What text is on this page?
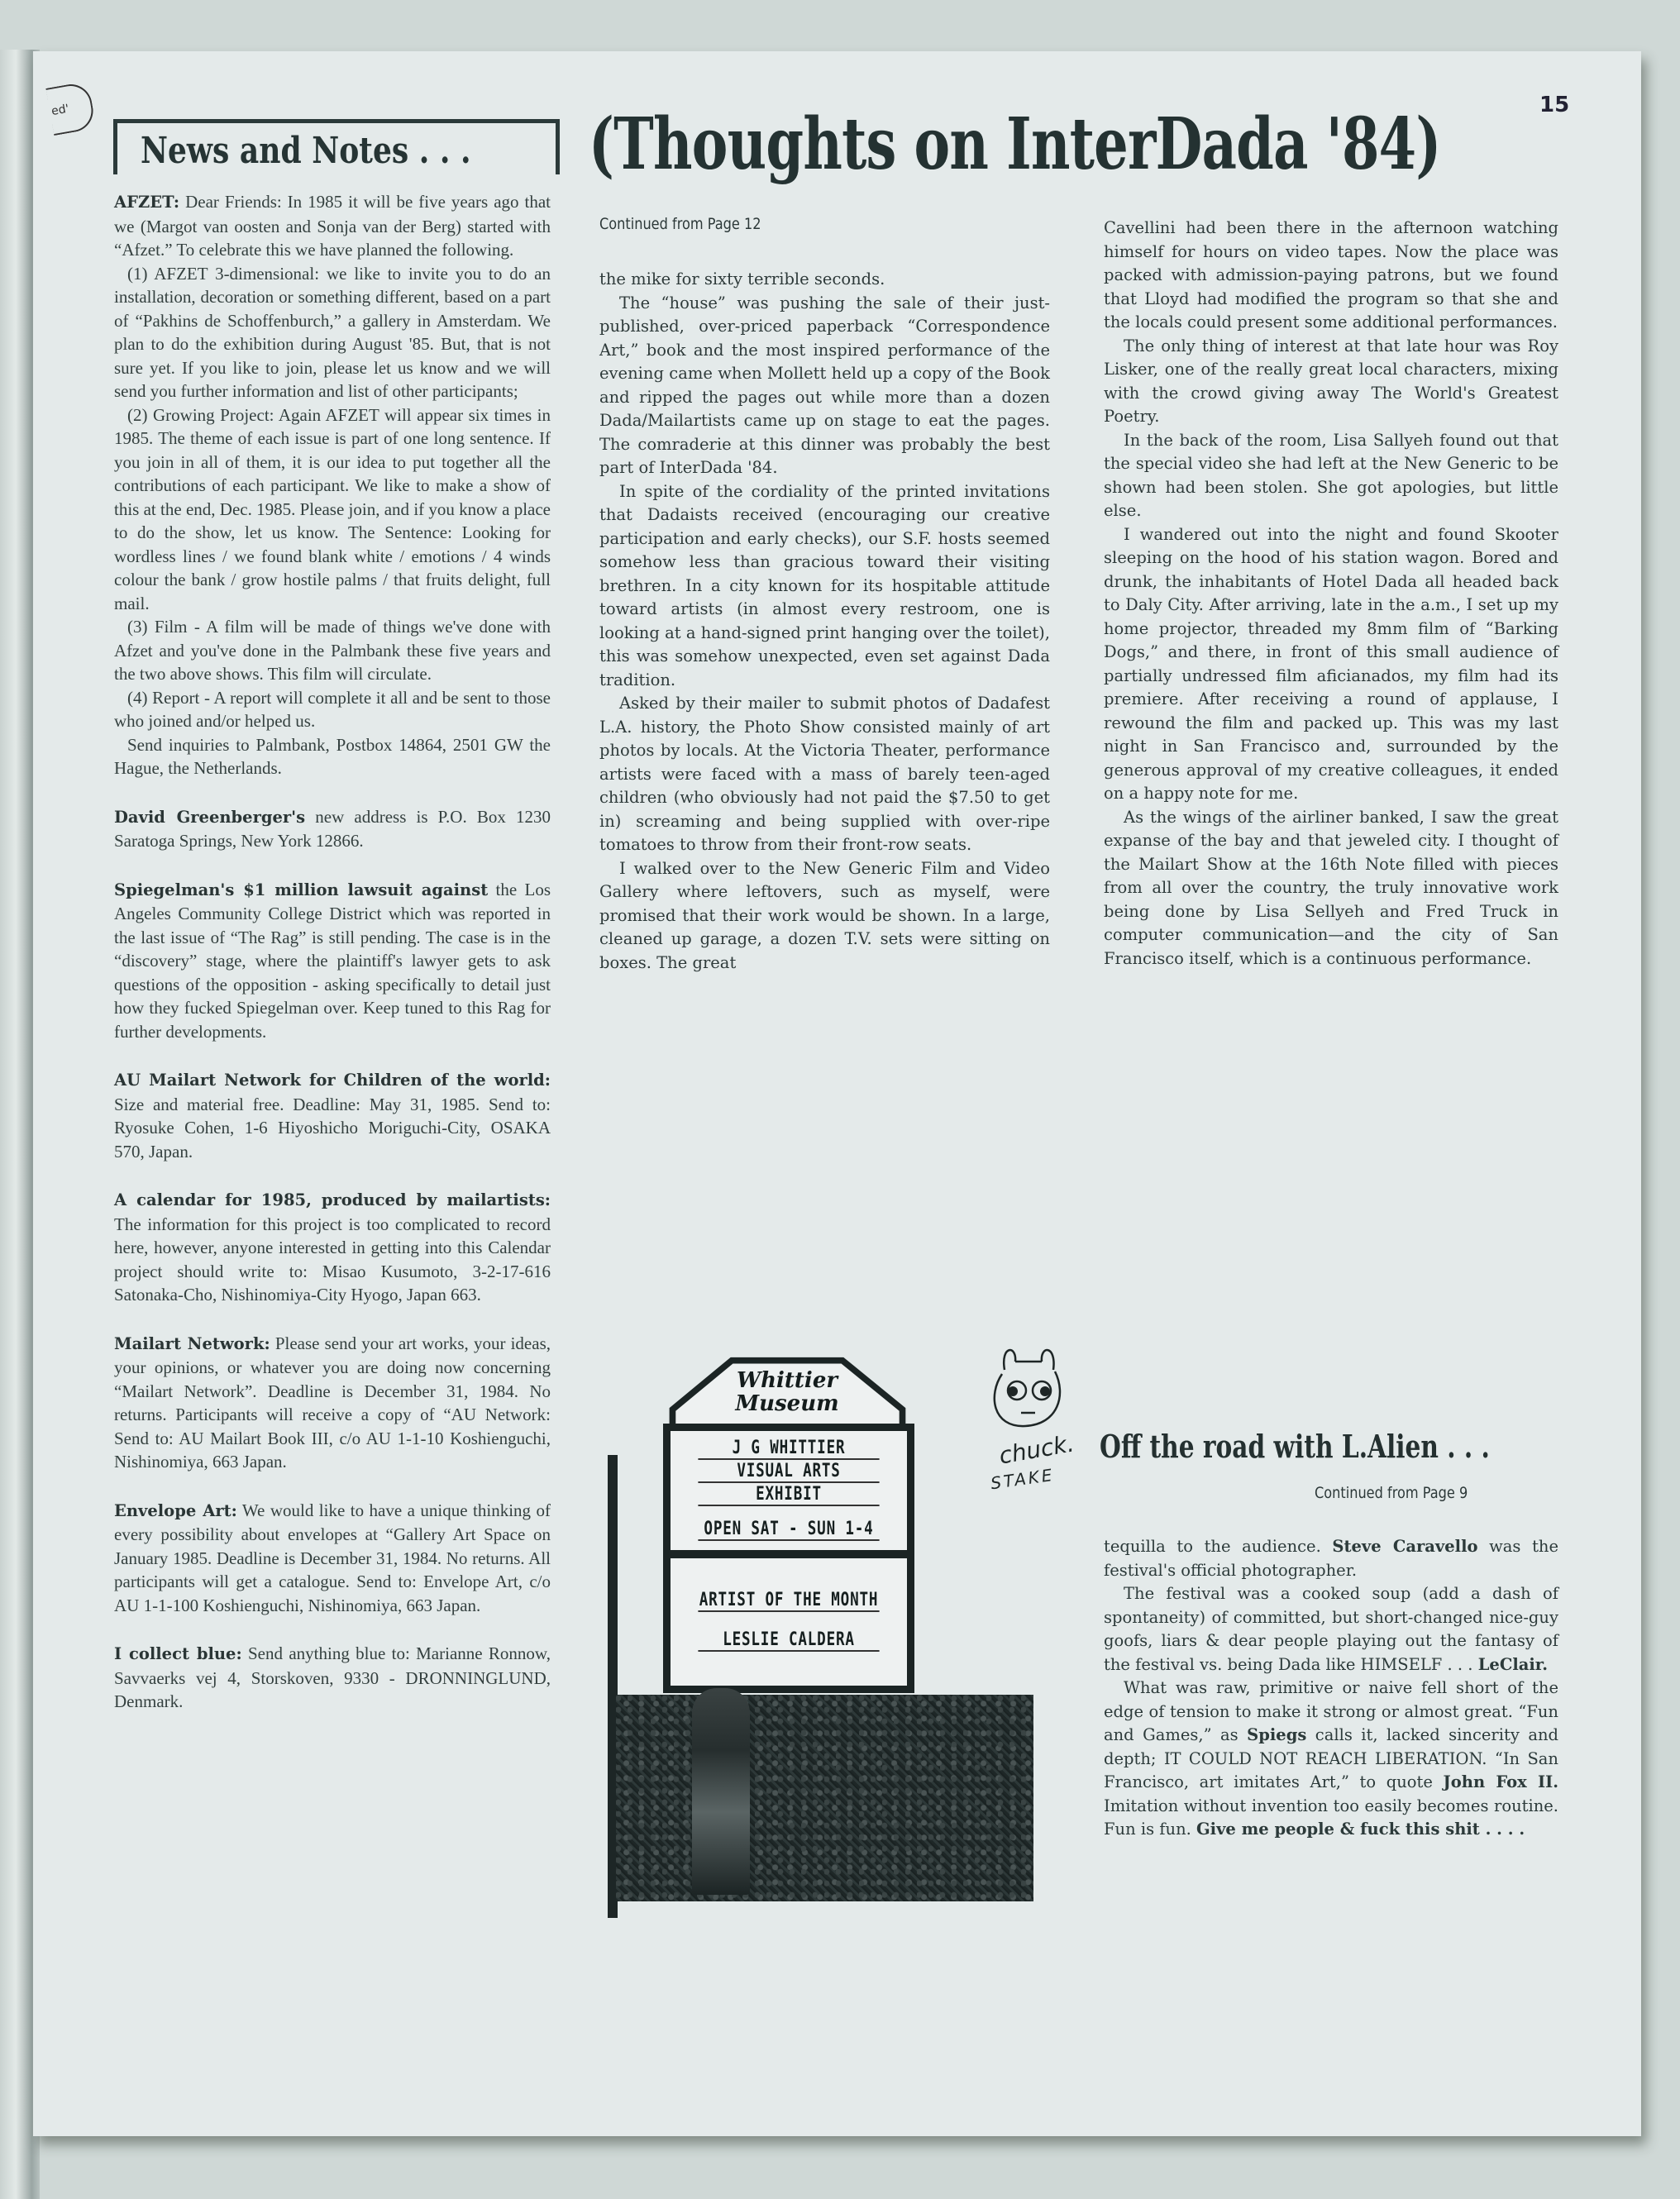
ed'	15
News and Notes . . .

AFZET: Dear Friends: In 1985 it will be five years ago that we (Margot van oosten and Sonja van der Berg) started with “Afzet.” To celebrate this we have planned the following.

(1) AFZET 3-dimensional: we like to invite you to do an installation, decoration or something different, based on a part of “Pakhins de Schoffenburch,” a gallery in Amsterdam. We plan to do the exhibition during August '85. But, that is not sure yet. If you like to join, please let us know and we will send you further information and list of other participants;

(2) Growing Project: Again AFZET will appear six times in 1985. The theme of each issue is part of one long sentence. If you join in all of them, it is our idea to put together all the contributions of each participant. We like to make a show of this at the end, Dec. 1985. Please join, and if you know a place to do the show, let us know. The Sentence: Looking for wordless lines / we found blank white / emotions / 4 winds colour the bank / grow hostile palms / that fruits delight, full mail.

(3) Film - A film will be made of things we've done with Afzet and you've done in the Palmbank these five years and the two above shows. This film will circulate.

(4) Report - A report will complete it all and be sent to those who joined and/or helped us.

Send inquiries to Palmbank, Postbox 14864, 2501 GW the Hague, the Netherlands.

David Greenberger's new address is P.O. Box 1230 Saratoga Springs, New York 12866.

Spiegelman's $1 million lawsuit against the Los Angeles Community College District which was reported in the last issue of “The Rag” is still pending. The case is in the “discovery” stage, where the plaintiff's lawyer gets to ask questions of the opposition - asking specifically to detail just how they fucked Spiegelman over. Keep tuned to this Rag for further developments.

AU Mailart Network for Children of the world: Size and material free. Deadline: May 31, 1985. Send to: Ryosuke Cohen, 1-6 Hiyoshicho Moriguchi-City, OSAKA 570, Japan.

A calendar for 1985, produced by mailartists: The information for this project is too complicated to record here, however, anyone interested in getting into this Calendar project should write to: Misao Kusumoto, 3-2-17-616 Satonaka-Cho, Nishinomiya-City Hyogo, Japan 663.

Mailart Network: Please send your art works, your ideas, your opinions, or whatever you are doing now concerning “Mailart Network”. Deadline is December 31, 1984. No returns. Participants will receive a copy of “AU Network: Send to: AU Mailart Book III, c/o AU 1-1-10 Koshienguchi, Nishinomiya, 663 Japan.

Envelope Art: We would like to have a unique thinking of every possibility about envelopes at “Gallery Art Space on January 1985. Deadline is December 31, 1984. No returns. All participants will get a catalogue. Send to: Envelope Art, c/o AU 1-1-100 Koshienguchi, Nishinomiya, 663 Japan.

I collect blue: Send anything blue to: Marianne Ronnow, Savvaerks vej 4, Storskoven, 9330 - DRONNINGLUND, Denmark.

(Thoughts on InterDada '84)
Continued from Page 12

the mike for sixty terrible seconds.

The “house” was pushing the sale of their just-published, over-priced paperback “Correspondence Art,” book and the most inspired performance of the evening came when Mollett held up a copy of the Book and ripped the pages out while more than a dozen Dada/Mailartists came up on stage to eat the pages. The comraderie at this dinner was probably the best part of InterDada '84.

In spite of the cordiality of the printed invitations that Dadaists received (encouraging our creative participation and early checks), our S.F. hosts seemed somehow less than gracious toward their visiting brethren. In a city known for its hospitable attitude toward artists (in almost every restroom, one is looking at a hand-signed print hanging over the toilet), this was somehow unexpected, even set against Dada tradition.

Asked by their mailer to submit photos of Dadafest L.A. history, the Photo Show consisted mainly of art photos by locals. At the Victoria Theater, performance artists were faced with a mass of barely teen-aged children (who obviously had not paid the $7.50 to get in) screaming and being supplied with over-ripe tomatoes to throw from their front-row seats.

I walked over to the New Generic Film and Video Gallery where leftovers, such as myself, were promised that their work would be shown. In a large, cleaned up garage, a dozen T.V. sets were sitting on boxes. The great

Cavellini had been there in the afternoon watching himself for hours on video tapes. Now the place was packed with admission-paying patrons, but we found that Lloyd had modified the program so that she and the locals could present some additional performances.

The only thing of interest at that late hour was Roy Lisker, one of the really great local characters, mixing with the crowd giving away The World's Greatest Poetry.

In the back of the room, Lisa Sallyeh found out that the special video she had left at the New Generic to be shown had been stolen. She got apologies, but little else.

I wandered out into the night and found Skooter sleeping on the hood of his station wagon. Bored and drunk, the inhabitants of Hotel Dada all headed back to Daly City. After arriving, late in the a.m., I set up my home projector, threaded my 8mm film of “Barking Dogs,” and there, in front of this small audience of partially undressed film aficianados, my film had its premiere. After receiving a round of applause, I rewound the film and packed up. This was my last night in San Francisco and, surrounded by the generous approval of my creative colleagues, it ended on a happy note for me.

As the wings of the airliner banked, I saw the great expanse of the bay and that jeweled city. I thought of the Mailart Show at the 16th Note filled with pieces from all over the country, the truly innovative work being done by Lisa Sellyeh and Fred Truck in computer communication—and the city of San Francisco itself, which is a continuous performance.

Whittier
Museum
J G WHITTIER
VISUAL ARTS
EXHIBIT
OPEN SAT - SUN 1-4
ARTIST OF THE MONTH
LESLIE CALDERA
chuck.
STAKE
Off the road with L.Alien . . .
Continued from Page 9

tequilla to the audience. Steve Caravello was the festival's official photographer.

The festival was a cooked soup (add a dash of spontaneity) of committed, but short-changed nice-guy goofs, liars & dear people playing out the fantasy of the festival vs. being Dada like HIMSELF . . . LeClair.

What was raw, primitive or naive fell short of the edge of tension to make it strong or almost great. “Fun and Games,” as Spiegs calls it, lacked sincerity and depth; IT COULD NOT REACH LIBERATION. “In San Francisco, art imitates Art,” to quote John Fox II. Imitation without invention too easily becomes routine. Fun is fun. Give me people & fuck this shit . . . .
